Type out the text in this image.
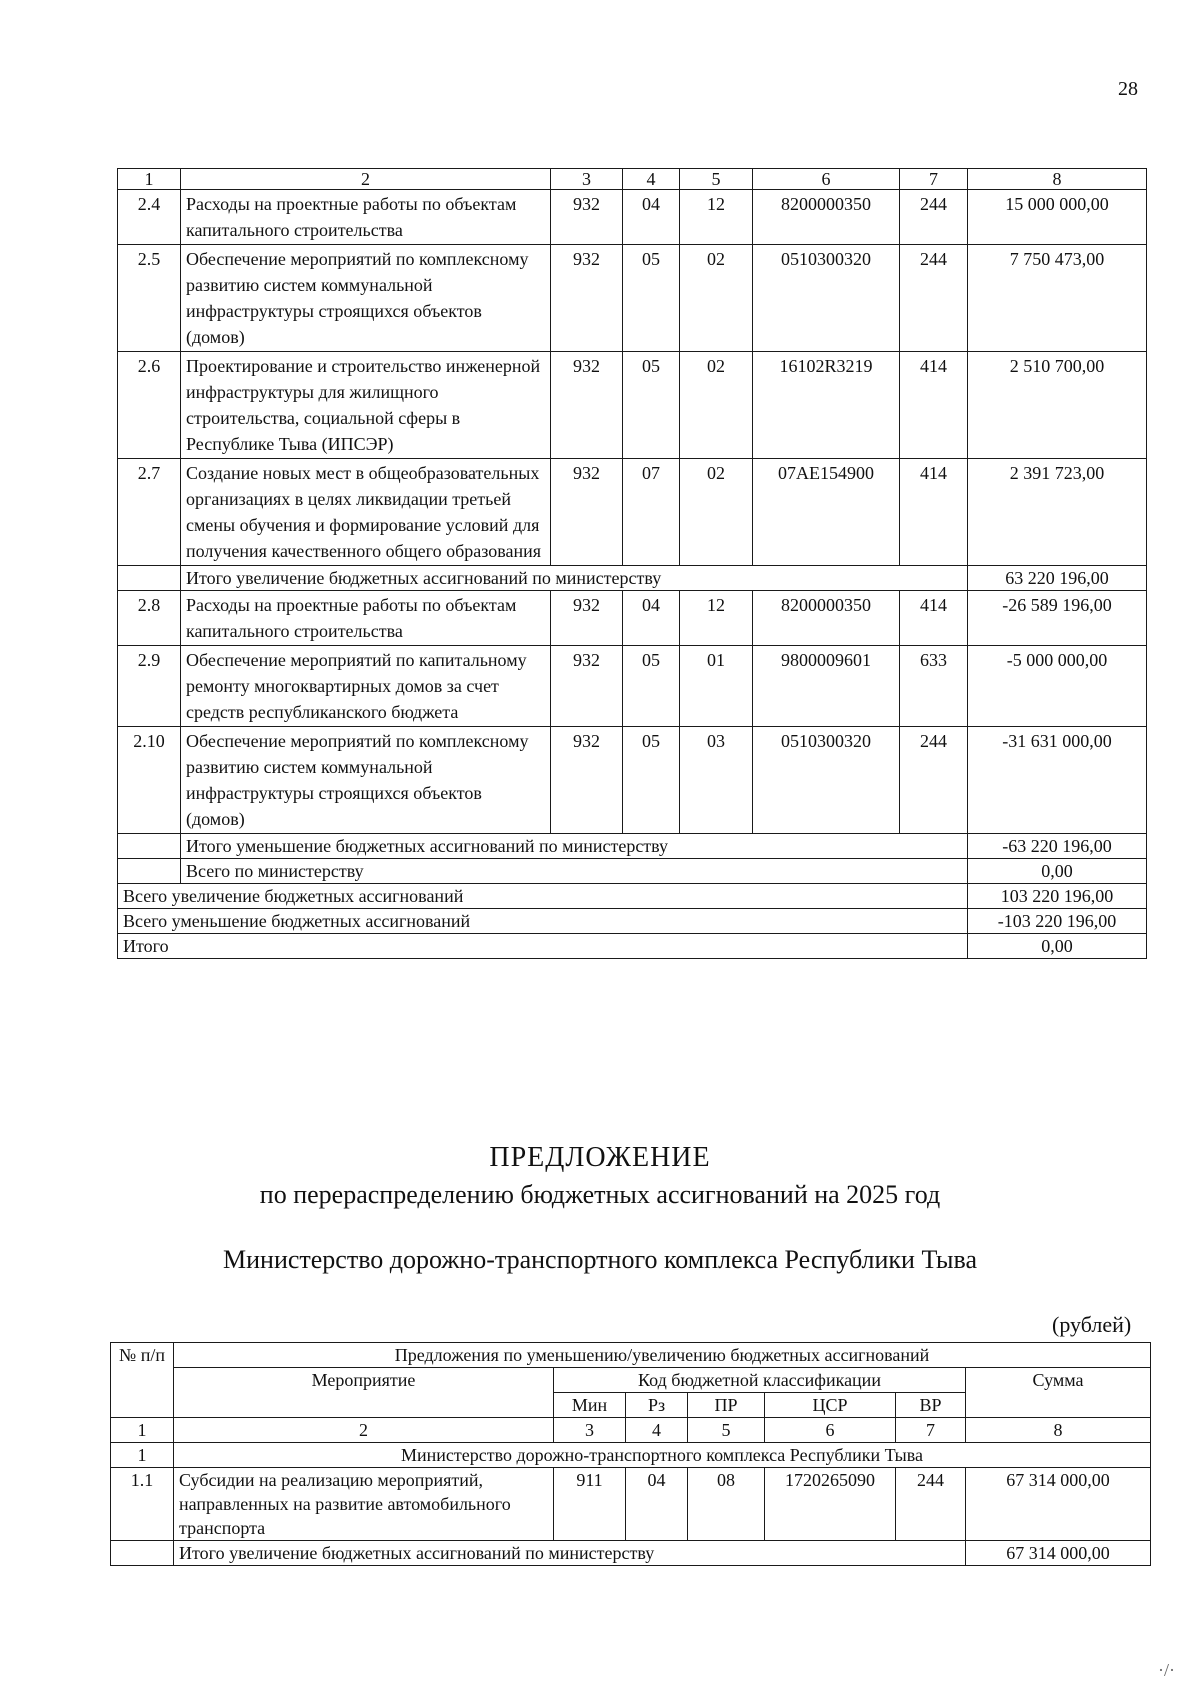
28
1	2	3	4	5	6	7	8
2.4	Расходы на проектные работы по объектам капитального строительства	932	04	12	8200000350	244	15 000 000,00
2.5	Обеспечение мероприятий по комплексному развитию систем коммунальной инфраструктуры строящихся объектов (домов)	932	05	02	0510300320	244	7 750 473,00
2.6	Проектирование и строительство инженерной инфраструктуры для жилищного строительства, социальной сферы в Республике Тыва (ИПСЭР)	932	05	02	16102R3219	414	2 510 700,00
2.7	Создание новых мест в общеобразовательных организациях в целях ликвидации третьей смены обучения и формирование условий для получения качественного общего образования	932	07	02	07AE154900	414	2 391 723,00
	Итого увеличение бюджетных ассигнований по министерству						63 220 196,00
2.8	Расходы на проектные работы по объектам капитального строительства	932	04	12	8200000350	414	-26 589 196,00
2.9	Обеспечение мероприятий по капитальному ремонту многоквартирных домов за счет средств республиканского бюджета	932	05	01	9800009601	633	-5 000 000,00
2.10	Обеспечение мероприятий по комплексному развитию систем коммунальной инфраструктуры строящихся объектов (домов)	932	05	03	0510300320	244	-31 631 000,00
	Итого уменьшение бюджетных ассигнований по министерству						-63 220 196,00
	Всего по министерству						0,00
Всего увеличение бюджетных ассигнований							103 220 196,00
Всего уменьшение бюджетных ассигнований							-103 220 196,00
Итого							0,00
ПРЕДЛОЖЕНИЕ
по перераспределению бюджетных ассигнований на 2025 год
Министерство дорожно-транспортного комплекса Республики Тыва
(рублей)
№ п/п	Предложения по уменьшению/увеличению бюджетных ассигнований						
	Мероприятие	Код бюджетной классификации					Сумма
		Мин	Рз	ПР	ЦСР	ВР	
1	2	3	4	5	6	7	8
1	Министерство дорожно-транспортного комплекса Республики Тыва						
1.1	Субсидии на реализацию мероприятий, направленных на развитие автомобильного транспорта	911	04	08	1720265090	244	67 314 000,00
	Итого увеличение бюджетных ассигнований по министерству						67 314 000,00
·/·
